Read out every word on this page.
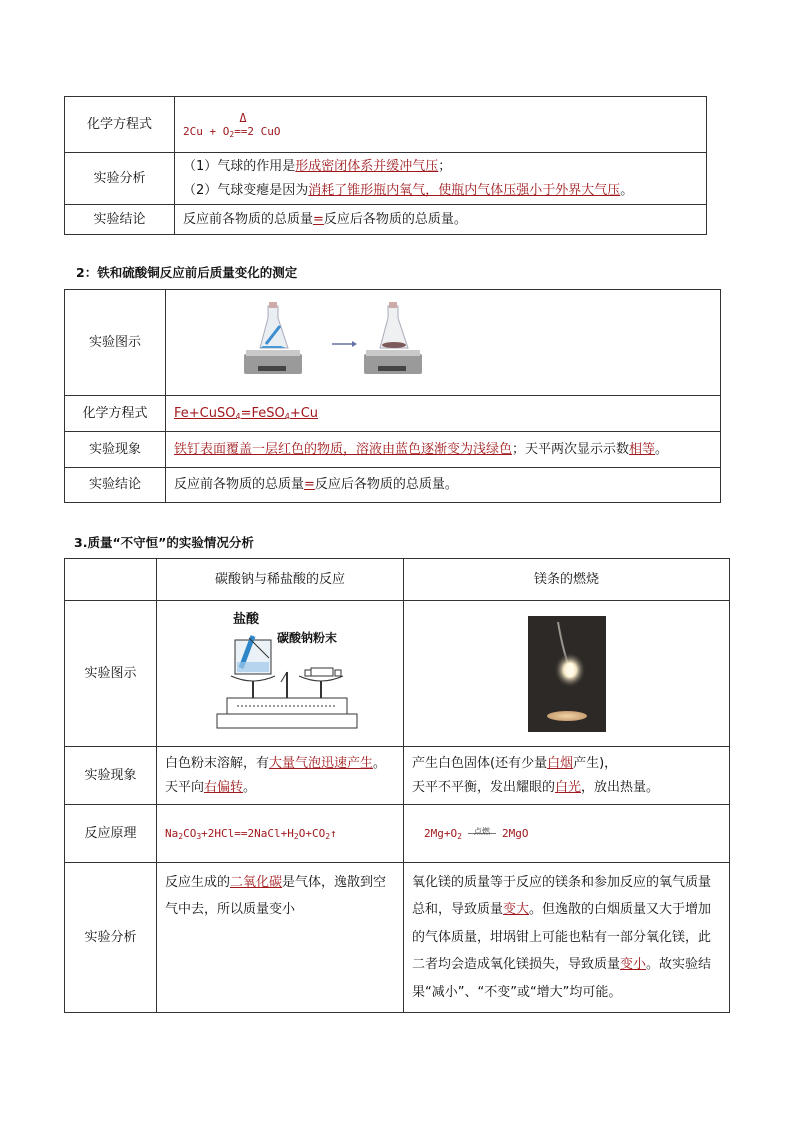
化学方程式	Δ
$2Cu + O_2==2$ CuO
实验分析	（1）气球的作用是形成密闭体系并缓冲气压；
（2）气球变瘪是因为消耗了锥形瓶内氧气，使瓶内气体压强小于外界大气压。

实验结论	反应前各物质的总质量=反应后各物质的总质量。
2：铁和硫酸铜反应前后质量变化的测定
实验图示	

化学方程式	Fe+CuSO$_4$=FeSO$_4$+Cu
实验现象	铁钉表面覆盖一层红色的物质，溶液由蓝色逐渐变为浅绿色；天平两次显示示数相等。
实验结论	反应前各物质的总质量=反应后各物质的总质量。
3.质量“不守恒”的实验情况分析
	碳酸钠与稀盐酸的反应	镁条的燃烧
实验图示	盐酸
碳酸钠粉末

实验现象	白色粉末溶解，有大量气泡迅速产生。天平向右偏转。	产生白色固体(还有少量白烟产生)，
天平不平衡，发出耀眼的白光，放出热量。

反应原理	$Na_2CO_3+2HCl==2NaCl+H_2O+CO_2↑$	$2Mg+O_2$ 点燃 2MgO
实验分析	反应生成的二氧化碳是气体，逸散到空气中去，所以质量变小	氧化镁的质量等于反应的镁条和参加反应的氧气质量总和，导致质量变大。但逸散的白烟质量又大于增加的气体质量，坩埚钳上可能也粘有一部分氧化镁，此二者均会造成氧化镁损失，导致质量变小。故实验结果“减小”、“不变”或“增大”均可能。
